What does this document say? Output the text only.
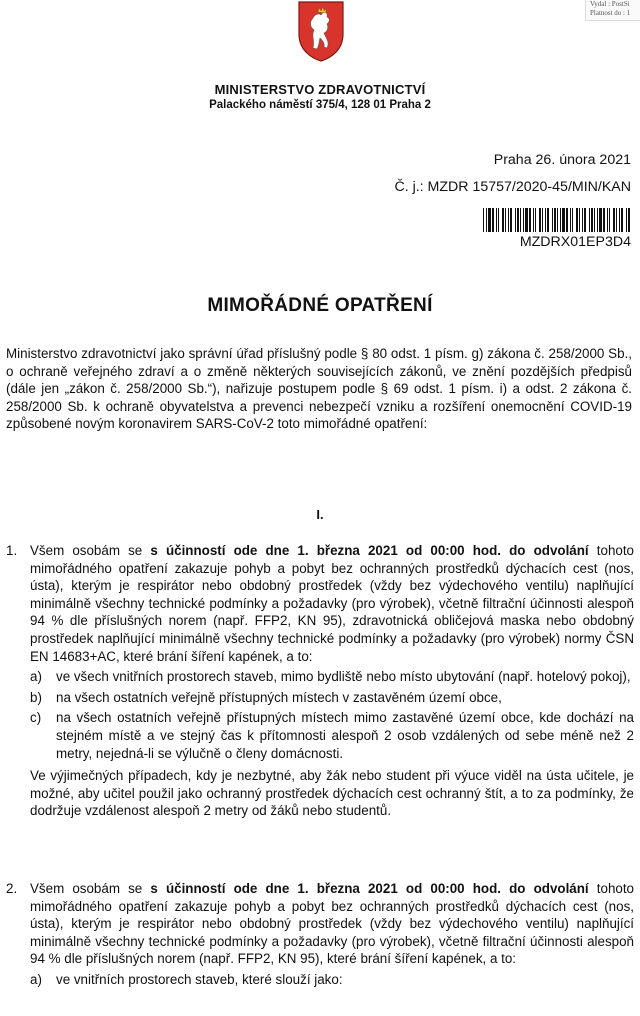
Vydal : PostSi
Platnost do : 1
MINISTERSTVO ZDRAVOTNICTVÍ
Palackého náměstí 375/4, 128 01 Praha 2
Praha 26. února 2021
Č. j.: MZDR 15757/2020-45/MIN/KAN
MZDRX01EP3D4
MIMOŘÁDNÉ OPATŘENÍ
Ministerstvo zdravotnictví jako správní úřad příslušný podle § 80 odst. 1 písm. g) zákona č. 258/2000 Sb., o ochraně veřejného zdraví a o změně některých souvisejících zákonů, ve znění pozdějších předpisů (dále jen „zákon č. 258/2000 Sb.“), nařizuje postupem podle § 69 odst. 1 písm. i) a odst. 2 zákona č. 258/2000 Sb. k ochraně obyvatelstva a prevenci nebezpečí vzniku a rozšíření onemocnění COVID-19 způsobené novým koronavirem SARS-CoV-2 toto mimořádné opatření:
I.
1. Všem osobám se s účinností ode dne 1. března 2021 od 00:00 hod. do odvolání tohoto mimořádného opatření zakazuje pohyb a pobyt bez ochranných prostředků dýchacích cest (nos, ústa), kterým je respirátor nebo obdobný prostředek (vždy bez výdechového ventilu) naplňující minimálně všechny technické podmínky a požadavky (pro výrobek), včetně filtrační účinnosti alespoň 94 % dle příslušných norem (např. FFP2, KN 95), zdravotnická obličejová maska nebo obdobný prostředek naplňující minimálně všechny technické podmínky a požadavky (pro výrobek) normy ČSN EN 14683+AC, které brání šíření kapének, a to:
a) ve všech vnitřních prostorech staveb, mimo bydliště nebo místo ubytování (např. hotelový pokoj),
b) na všech ostatních veřejně přístupných místech v zastavěném území obce,
c) na všech ostatních veřejně přístupných místech mimo zastavěné území obce, kde dochází na stejném místě a ve stejný čas k přítomnosti alespoň 2 osob vzdálených od sebe méně než 2 metry, nejedná-li se výlučně o členy domácnosti.
Ve výjimečných případech, kdy je nezbytné, aby žák nebo student při výuce viděl na ústa učitele, je možné, aby učitel použil jako ochranný prostředek dýchacích cest ochranný štít, a to za podmínky, že dodržuje vzdálenost alespoň 2 metry od žáků nebo studentů.
2. Všem osobám se s účinností ode dne 1. března 2021 od 00:00 hod. do odvolání tohoto mimořádného opatření zakazuje pohyb a pobyt bez ochranných prostředků dýchacích cest (nos, ústa), kterým je respirátor nebo obdobný prostředek (vždy bez výdechového ventilu) naplňující minimálně všechny technické podmínky a požadavky (pro výrobek), včetně filtrační účinnosti alespoň 94 % dle příslušných norem (např. FFP2, KN 95), které brání šíření kapének, a to:
a) ve vnitřních prostorech staveb, které slouží jako:
